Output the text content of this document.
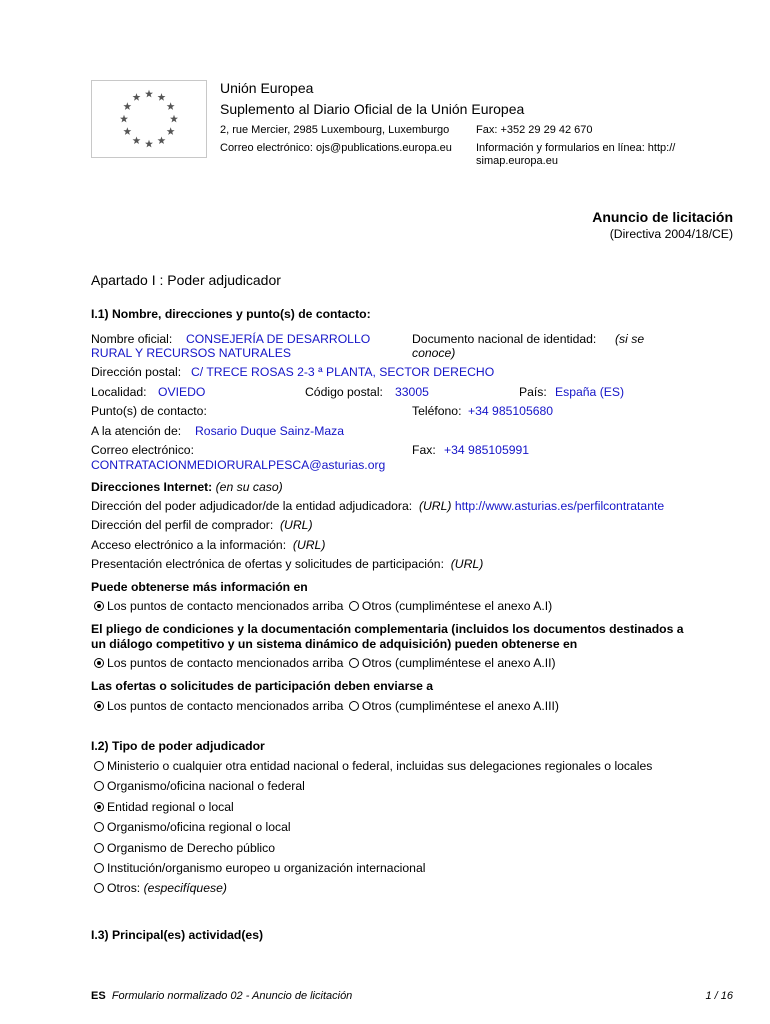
Unión Europea
Suplemento al Diario Oficial de la Unión Europea
2, rue Mercier, 2985 Luxembourg, Luxemburgo Fax: +352 29 29 42 670
Correo electrónico: ojs@publications.europa.eu Información y formularios en línea: http://
simap.europa.eu
Anuncio de licitación
(Directiva 2004/18/CE)
Apartado I : Poder adjudicador
I.1) Nombre, direcciones y punto(s) de contacto:
Nombre oficial: CONSEJERÍA DE DESARROLLO
RURAL Y RECURSOS NATURALES
Documento nacional de identidad: (si se
conoce)
Dirección postal: C/ TRECE ROSAS 2-3 ª PLANTA, SECTOR DERECHO
Localidad: OVIEDO	Código postal: 33005	País: España (ES)
Punto(s) de contacto:	Teléfono: +34 985105680
A la atención de: Rosario Duque Sainz-Maza
Correo electrónico:
CONTRATACIONMEDIORURALPESCA@asturias.org
Fax: +34 985105991
Direcciones Internet: (en su caso)
Dirección del poder adjudicador/de la entidad adjudicadora: (URL) http://www.asturias.es/perfilcontratante
Dirección del perfil de comprador: (URL)
Acceso electrónico a la información: (URL)
Presentación electrónica de ofertas y solicitudes de participación: (URL)
Puede obtenerse más información en
Los puntos de contacto mencionados arriba Otros (cumpliméntese el anexo A.I)
El pliego de condiciones y la documentación complementaria (incluidos los documentos destinados a
un diálogo competitivo y un sistema dinámico de adquisición) pueden obtenerse en
Los puntos de contacto mencionados arriba Otros (cumpliméntese el anexo A.II)
Las ofertas o solicitudes de participación deben enviarse a
Los puntos de contacto mencionados arriba Otros (cumpliméntese el anexo A.III)
I.2) Tipo de poder adjudicador
Ministerio o cualquier otra entidad nacional o federal, incluidas sus delegaciones regionales o locales
Organismo/oficina nacional o federal
Entidad regional o local
Organismo/oficina regional o local
Organismo de Derecho público
Institución/organismo europeo u organización internacional
Otros: (especifíquese)
I.3) Principal(es) actividad(es)
ES Formulario normalizado 02 - Anuncio de licitación	1 / 16
